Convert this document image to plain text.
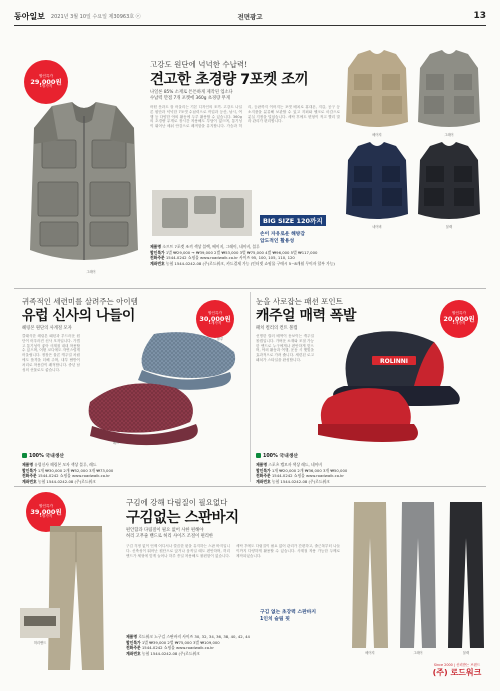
동아일보 2021년 3월 10일 수요일 제30963호 ⓔ	전면광고	13
할인특가
29,000원
1벌가격
그레이
고강도 원단에 넉넉한 수납력!
견고한 초경량 7포켓 조끼
나일론 85% 소재로 튼튼하게 제작된 업소다
수납력 만점 7개 포켓에 360g 초경량 무게
어떤 옷과도 잘 어울리는 기본 디자인의 조끼. 고강도 나일론 원단과 넉넉한 7포켓 수납력으로 작업과 등산, 낚시, 여행 등 다양한 야외 활동에 두루 활용할 수 있습니다. 360g의 초경량 무게로 장시간 착용해도 부담이 없으며, 통기성이 뛰어난 메쉬 안감으로 쾌적함을 유지합니다. 가슴과 허리, 등판까지 이어지는 포켓 배치로 휴대폰, 지갑, 공구 등 소지품을 분류해 보관할 수 있고 지퍼와 벨크로 마감으로 분실 걱정을 덜었습니다. 세탁 후에도 변형이 적고 빨리 말라 관리가 편리합니다.
BIG SIZE 120까지
손이 자유로운 해방감
압도적인 활용성
베이지	그레이
네이비	블랙
제품명 소프트 7포켓 조끼 색상 블랙, 베이지, 그레이, 네이비, 블루
할인특가 1벌 ₩29,000 → ₩39,000 2벌 ₩53,000 3벌 ₩75,000 4벌 ₩96,000 5벌 ₩117,000
전화주문 1544-0242 쇼핑몰 www.roadwalk.co.kr 사이즈 95, 100, 105, 110, 120
계좌번호 농협 1544-0242-08 (주)로드워크, 카드결제 가능 (인터넷 쇼핑몰 구매시 5~8개월 무이자 할부 가능)
귀족적인 세련미를 살려주는 아이템
유럽 신사의 나들이	할인특가
30,000원
1개가격
헤링본 원단의 사계절 모자
클래식한 헤링본 패턴과 부드러운 원단이 어우러진 신사 모자입니다. 가볍고 통기성이 좋아 사계절 내내 착용할 수 있으며, 어떤 코디에도 자연스럽게 어울립니다. 정장은 물론 캐주얼 차림에도 품격을 더해 주며, 내부 땀받이 처리로 착용감이 쾌적합니다. 중년 남성의 선물로도 좋습니다.
블루
레드
100% 국내생산
제품명 유럽신사 헤링본 모자 색상 블루, 레드
할인특가 1개 ₩30,000 2개 ₩52,000 3개 ₩73,000
전화주문 1544-0242 쇼핑몰 www.roadwalk.co.kr
계좌번호 농협 1544-0242-08 (주)로드워크
눈을 사로잡는 패션 포인트
캐주얼 매력 폭발	할인특가
20,000원
1개가격
패치 컬러의 컨트 볼캡
선명한 컬러 배색이 돋보이는 캐주얼 볼캡입니다. 가벼운 소재와 조절 가능한 밴드로 누구에게나 편안하게 맞으며, 야외 활동과 여행, 운동 시 햇빛을 효과적으로 가려 줍니다. 세련된 로고 패치가 스타일을 완성합니다.	ROLINNI
100% 국내생산
제품명 스포츠 캡모자 색상 레드, 네이비
할인특가 1개 ₩20,000 2개 ₩36,000 3개 ₩50,000
전화주문 1544-0242 쇼핑몰 www.roadwalk.co.kr
계좌번호 농협 1544-0242-08 (주)로드워크
할인특가
39,000원
1벌가격
허리밴드
구김에 강해 다림질이 필요없다
구김없는 스판바지
편안함과 다림질이 필요 없어 사한 편해야
허리 고무줄 밴드로 허리 사이즈 조절이 편리한
구김 걱정 없이 언제 어디서나 깔끔한 핏을 유지하는 스판 바지입니다. 신축성이 뛰어난 원단으로 앉거나 움직일 때도 편안하며, 허리 밴드가 체형에 맞게 늘어나 하루 종일 착용해도 불편함이 없습니다. 세탁 후에도 다림질이 필요 없어 관리가 간편하고, 출근복부터 나들이까지 다양하게 활용할 수 있습니다. 사계절 착용 가능한 두께로 제작되었습니다.
구김 없는 초강력 스판바지
1인치 슬림 핏
베이지	그레이	블랙
제품명 로드워크 노구김 스판바지 사이즈 30, 32, 34, 36, 38, 40, 42, 44
할인특가 1벌 ₩39,000 2벌 ₩75,000 3벌 ₩109,000
전화주문 1544-0242 쇼핑몰 www.roadwalk.co.kr
계좌번호 농협 1544-0242-08 (주)로드워크
Since 2000 | 신뢰받는 브랜드
(주) 로드워크
